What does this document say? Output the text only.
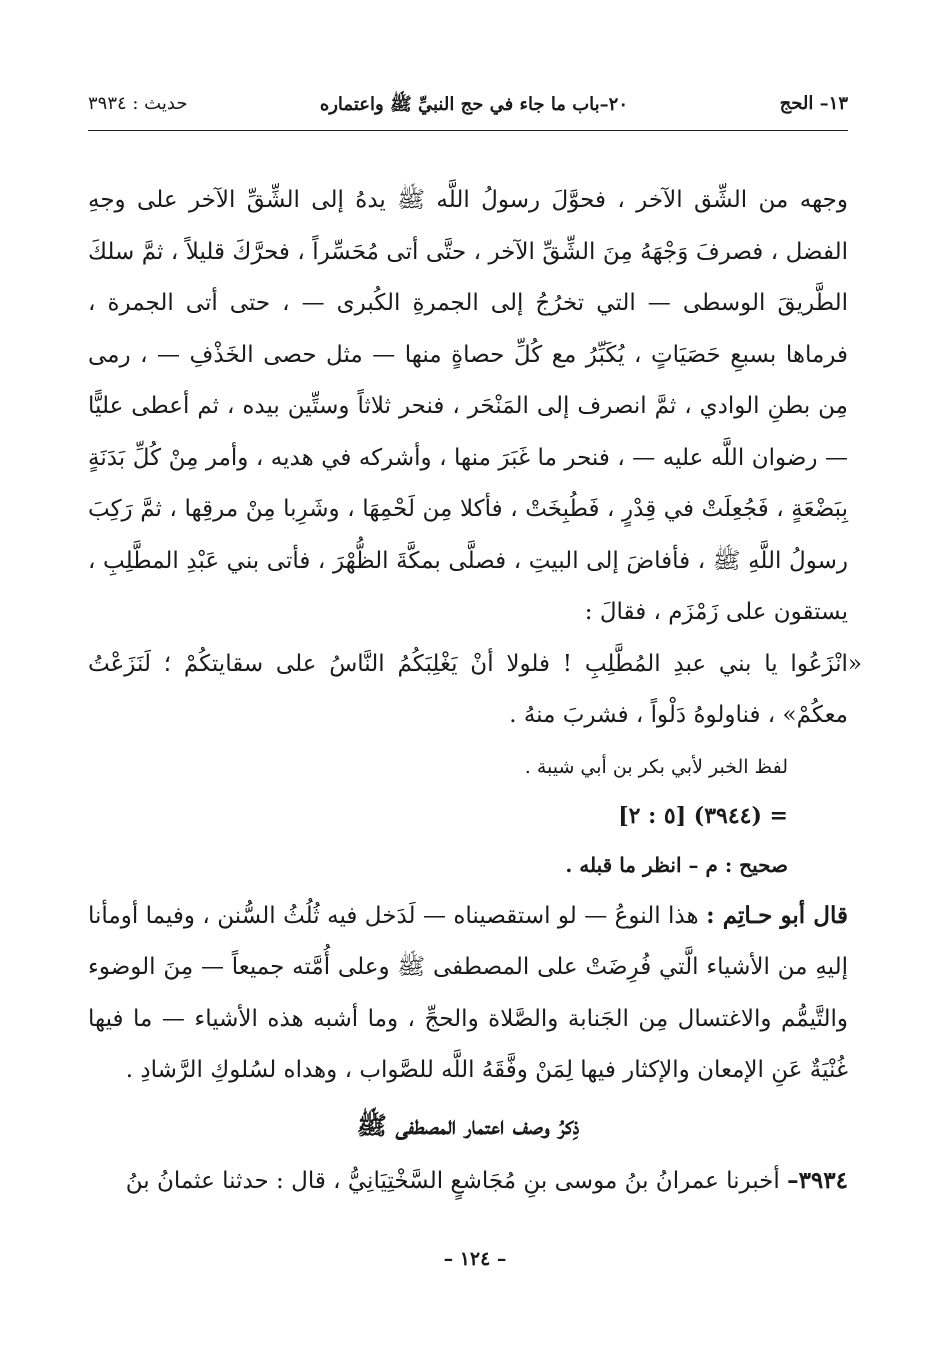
١٣– الحج
٢٠–باب ما جاء في حج النبيِّ ﷺ واعتماره
حديث : ٣٩٣٤

وجهه من الشِّق الآخر ، فحوَّلَ رسولُ اللَّه ﷺ يدهُ إلى الشِّقِّ الآخر على وجهِ الفضل ، فصرفَ وَجْهَهُ مِنَ الشِّقِّ الآخر ، حتَّى أتى مُحَسِّراً ، فحرَّكَ قليلاً ، ثمَّ سلكَ الطَّريقَ الوسطى — التي تخرُجُ إلى الجمرةِ الكُبرى — ، حتى أتى الجمرة ، فرماها بسبعِ حَصَيَاتٍ ، يُكَبِّرُ مع كُلِّ حصاةٍ منها — مثل حصى الخَذْفِ — ، رمى مِن بطنِ الوادي ، ثمَّ انصرف إلى المَنْحَر ، فنحر ثلاثاً وستِّين بيده ، ثم أعطى عليًّا — رضوان اللَّه عليه — ، فنحر ما غَبَرَ منها ، وأشركه في هديه ، وأمر مِنْ كُلِّ بَدَنَةٍ بِبَضْعَةٍ ، فَجُعِلَتْ في قِدْرٍ ، فَطُبِخَتْ ، فأكلا مِن لَحْمِهَا ، وشَرِبا مِنْ مرقِها ، ثمَّ رَكِبَ رسولُ اللَّهِ ﷺ ، فأفاضَ إلى البيتِ ، فصلَّى بمكَّةَ الظُّهْرَ ، فأتى بني عَبْدِ المطَّلِبِ ، يستقون على زَمْزَم ، فقالَ :

«انْزَعُوا يا بني عبدِ المُطَّلِبِ ! فلولا أنْ يَغْلِبَكُمُ النَّاسُ على سقايتكُمْ ؛ لَنَزَعْتُ معكُمْ» ، فناولوهُ دَلْواً ، فشربَ منهُ .

لفظ الخبر لأبي بكر بن أبي شيبة .

= (٣٩٤٤) [٥ : ٢]

صحيح : م – انظر ما قبله .

قال أبو حـاتِم : هذا النوعُ — لو استقصيناه — لَدَخل فيه ثُلُثُ السُّنن ، وفيما أومأنا إليهِ من الأشياء الَّتي فُرِضَتْ على المصطفى ﷺ وعلى أُمَّته جميعاً — مِنَ الوضوء والتَّيمُّم والاغتسال مِن الجَنابة والصَّلاة والحجِّ ، وما أشبه هذه الأشياء — ما فيها غُنْيَةٌ عَنِ الإمعان والإكثار فيها لِمَنْ وفَّقَهُ اللَّه للصَّواب ، وهداه لسُلوكِ الرَّشادِ .

ذِكرُ وصف اعتمار المصطفى ﷺ

٣٩٣٤– أخبرنا عمرانُ بنُ موسى بنِ مُجَاشعٍ السَّخْتِيَانِيُّ ، قال : حدثنا عثمانُ بنُ

– ١٢٤ –
